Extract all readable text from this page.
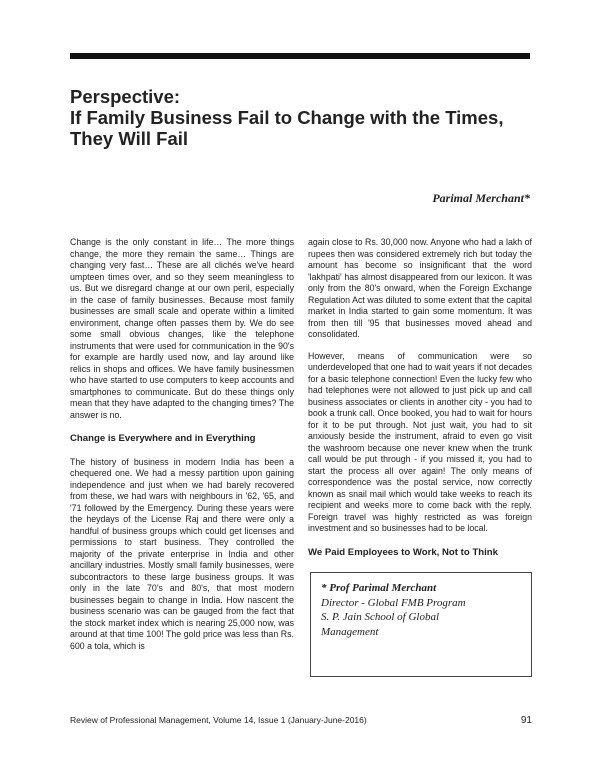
Perspective:
If Family Business Fail to Change with the Times,
They Will Fail
Parimal Merchant*

Change is the only constant in life… The more things change, the more they remain the same… Things are changing very fast… These are all clichés we've heard umpteen times over, and so they seem meaningless to us. But we disregard change at our own peril, especially in the case of family businesses. Because most family businesses are small scale and operate within a limited environment, change often passes them by. We do see some small obvious changes, like the telephone instruments that were used for communication in the 90's for example are hardly used now, and lay around like relics in shops and offices. We have family businessmen who have started to use computers to keep accounts and smartphones to communicate. But do these things only mean that they have adapted to the changing times? The answer is no.

Change is Everywhere and in Everything

The history of business in modern India has been a chequered one. We had a messy partition upon gaining independence and just when we had barely recovered from these, we had wars with neighbours in '62, '65, and '71 followed by the Emergency. During these years were the heydays of the License Raj and there were only a handful of business groups which could get licenses and permissions to start business. They controlled the majority of the private enterprise in India and other ancillary industries. Mostly small family businesses, were subcontractors to these large business groups. It was only in the late 70's and 80's, that most modern businesses begain to change in India. How nascent the business scenario was can be gauged from the fact that the stock market index which is nearing 25,000 now, was around at that time 100! The gold price was less than Rs. 600 a tola, which is

again close to Rs. 30,000 now. Anyone who had a lakh of rupees then was considered extremely rich but today the amount has become so insignificant that the word 'lakhpati' has almost disappeared from our lexicon. It was only from the 80's onward, when the Foreign Exchange Regulation Act was diluted to some extent that the capital market in India started to gain some momentum. It was from then till '95 that businesses moved ahead and consolidated.

However, means of communication were so underdeveloped that one had to wait years if not decades for a basic telephone connection! Even the lucky few who had telephones were not allowed to just pick up and call business associates or clients in another city - you had to book a trunk call. Once booked, you had to wait for hours for it to be put through. Not just wait, you had to sit anxiously beside the instrument, afraid to even go visit the washroom because one never knew when the trunk call would be put through - if you missed it, you had to start the process all over again! The only means of correspondence was the postal service, now correctly known as snail mail which would take weeks to reach its recipient and weeks more to come back with the reply. Foreign travel was highly restricted as was foreign investment and so businesses had to be local.

We Paid Employees to Work, Not to Think
* Prof Parimal Merchant
Director - Global FMB Program
S. P. Jain School of Global
Management
Review of Professional Management, Volume 14, Issue 1 (January-June-2016)	91
